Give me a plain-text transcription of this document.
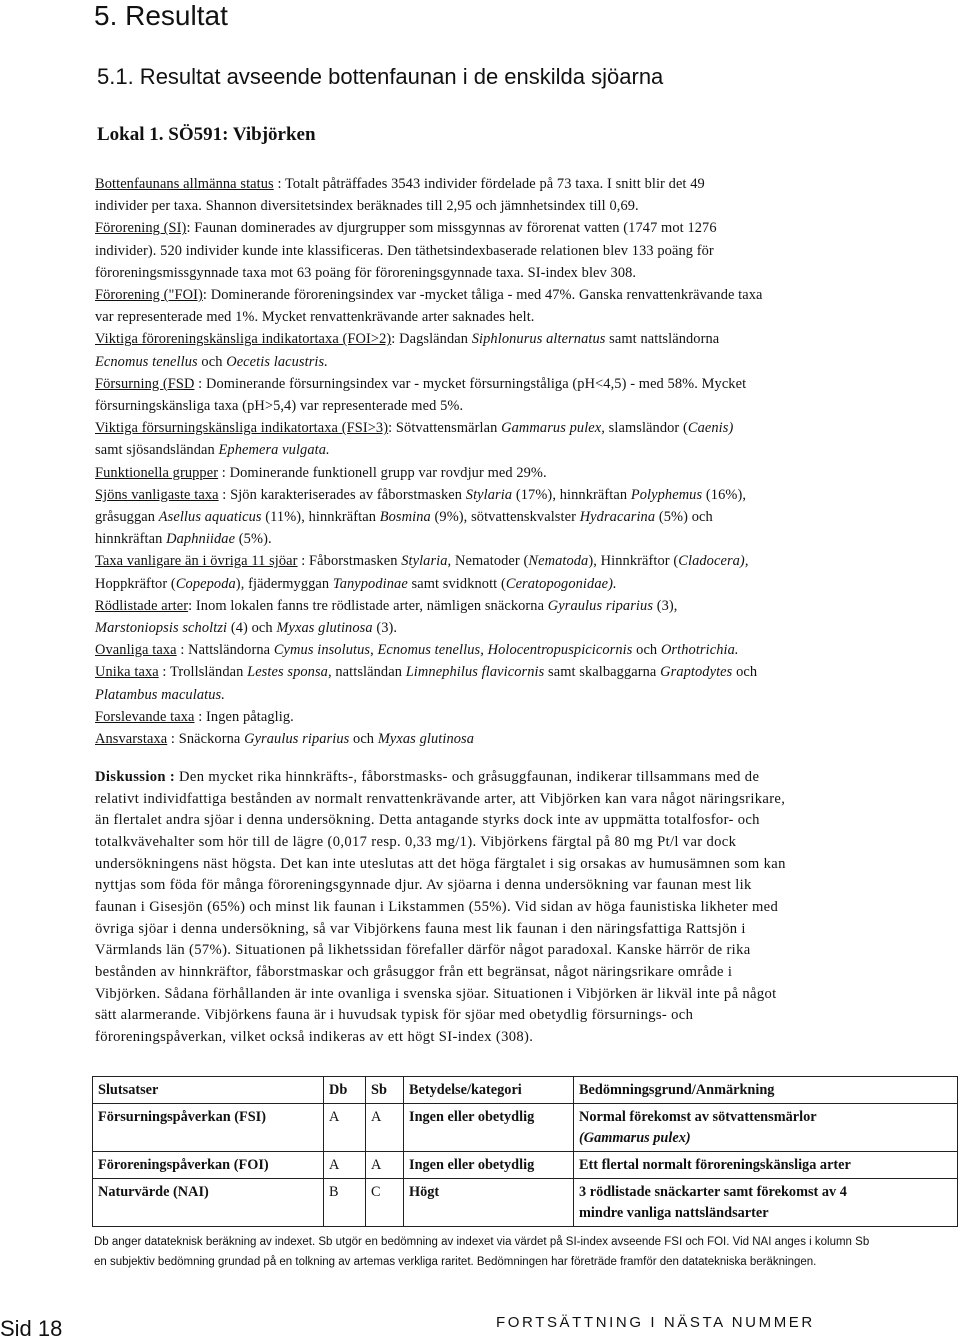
5. Resultat
5.1. Resultat avseende bottenfaunan i de enskilda sjöarna
Lokal 1. SÖ591: Vibjörken

Bottenfaunans allmänna status : Totalt påträffades 3543 individer fördelade på 73 taxa. I snitt blir det 49

individer per taxa. Shannon diversitetsindex beräknades till 2,95 och jämnhetsindex till 0,69.

Förorening (SI): Faunan dominerades av djurgrupper som missgynnas av förorenat vatten (1747 mot 1276

individer). 520 individer kunde inte klassificeras. Den täthetsindexbaserade relationen blev 133 poäng för

föroreningsmissgynnade taxa mot 63 poäng för föroreningsgynnade taxa. SI-index blev 308.

Förorening ("FOI): Dominerande föroreningsindex var -mycket tåliga - med 47%. Ganska renvattenkrävande taxa

var representerade med 1%. Mycket renvattenkrävande arter saknades helt.

Viktiga föroreningskänsliga indikatortaxa (FOI>2): Dagsländan Siphlonurus alternatus samt nattsländorna

Ecnomus tenellus och Oecetis lacustris.

Försurning (FSD : Dominerande försurningsindex var - mycket försurningståliga (pH<4,5) - med 58%. Mycket

försurningskänsliga taxa (pH>5,4) var representerade med 5%.

Viktiga försurningskänsliga indikatortaxa (FSI>3): Sötvattensmärlan Gammarus pulex, slamsländor (Caenis)

samt sjösandsländan Ephemera vulgata.

Funktionella grupper : Dominerande funktionell grupp var rovdjur med 29%.

Sjöns vanligaste taxa : Sjön karakteriserades av fåborstmasken Stylaria (17%), hinnkräftan Polyphemus (16%),

gråsuggan Asellus aquaticus (11%), hinnkräftan Bosmina (9%), sötvattenskvalster Hydracarina (5%) och

hinnkräftan Daphniidae (5%).

Taxa vanligare än i övriga 11 sjöar : Fåborstmasken Stylaria, Nematoder (Nematoda), Hinnkräftor (Cladocera),

Hoppkräftor (Copepoda), fjädermyggan Tanypodinae samt svidknott (Ceratopogonidae).

Rödlistade arter: Inom lokalen fanns tre rödlistade arter, nämligen snäckorna Gyraulus riparius (3),

Marstoniopsis scholtzi (4) och Myxas glutinosa (3).

Ovanliga taxa : Nattsländorna Cymus insolutus, Ecnomus tenellus, Holocentropuspicicornis och Orthotrichia.

Unika taxa : Trollsländan Lestes sponsa, nattsländan Limnephilus flavicornis samt skalbaggarna Graptodytes och

Platambus maculatus.

Forslevande taxa : Ingen påtaglig.

Ansvarstaxa : Snäckorna Gyraulus riparius och Myxas glutinosa

Diskussion : Den mycket rika hinnkräfts-, fåborstmasks- och gråsuggfaunan, indikerar tillsammans med de

relativt individfattiga bestånden av normalt renvattenkrävande arter, att Vibjörken kan vara något näringsrikare,

än flertalet andra sjöar i denna undersökning. Detta antagande styrks dock inte av uppmätta totalfosfor- och

totalkvävehalter som hör till de lägre (0,017 resp. 0,33 mg/1). Vibjörkens färgtal på 80 mg Pt/l var dock

undersökningens näst högsta. Det kan inte uteslutas att det höga färgtalet i sig orsakas av humusämnen som kan

nyttjas som föda för många föroreningsgynnade djur. Av sjöarna i denna undersökning var faunan mest lik

faunan i Gisesjön (65%) och minst lik faunan i Likstammen (55%). Vid sidan av höga faunistiska likheter med

övriga sjöar i denna undersökning, så var Vibjörkens fauna mest lik faunan i den näringsfattiga Rattsjön i

Värmlands län (57%). Situationen på likhetssidan förefaller därför något paradoxal. Kanske härrör de rika

bestånden av hinnkräftor, fåborstmaskar och gråsuggor från ett begränsat, något näringsrikare område i

Vibjörken. Sådana förhållanden är inte ovanliga i svenska sjöar. Situationen i Vibjörken är likväl inte på något

sätt alarmerande. Vibjörkens fauna är i huvudsak typisk för sjöar med obetydlig försurnings- och

föroreningspåverkan, vilket också indikeras av ett högt SI-index (308).

Slutsatser	Db	Sb	Betydelse/kategori	Bedömningsgrund/Anmärkning
Försurningspåverkan (FSI)	A	A	Ingen eller obetydlig	Normal förekomst av sötvattensmärlor
(Gammarus pulex)

Föroreningspåverkan (FOI)	A	A	Ingen eller obetydlig	Ett flertal normalt föroreningskänsliga arter

Naturvärde (NAI)	B	C	Högt	3 rödlistade snäckarter samt förekomst av 4
mindre vanliga nattsländsarter
Db anger datateknisk beräkning av indexet. Sb utgör en bedömning av indexet via värdet på SI-index avseende FSI och FOI. Vid NAI anges i kolumn Sb
en subjektiv bedömning grundad på en tolkning av artemas verkliga raritet. Bedömningen har företräde framför den datatekniska beräkningen.
Sid 18	FORTSÄTTNING I NÄSTA NUMMER
